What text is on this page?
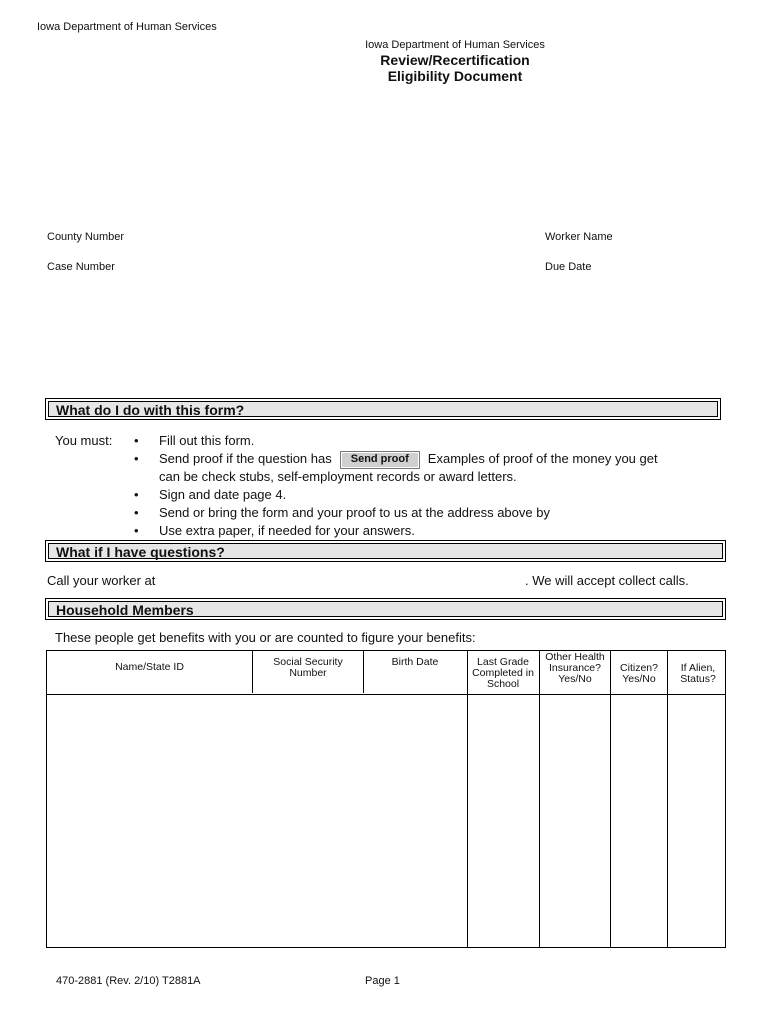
Iowa Department of Human Services
Iowa Department of Human Services
Review/Recertification
Eligibility Document
County Number	Worker Name
Case Number	Due Date
What do I do with this form?
You must:
•	Fill out this form.
• Send proof if the question has Send proof Examples of proof of the money you get
can be check stubs, self-employment records or award letters.
• Sign and date page 4.
• Send or bring the form and your proof to us at the address above by
• Use extra paper, if needed for your answers.
What if I have questions?
Call your worker at	. We will accept collect calls.
Household Members
These people get benefits with you or are counted to figure your benefits:
Name/State ID	Social Security Number
Birth Date	Last Grade Completed in School
Other Health Insurance? Yes/No
Citizen? Yes/No
If Alien, Status?
470-2881 (Rev. 2/10) T2881A	Page 1
